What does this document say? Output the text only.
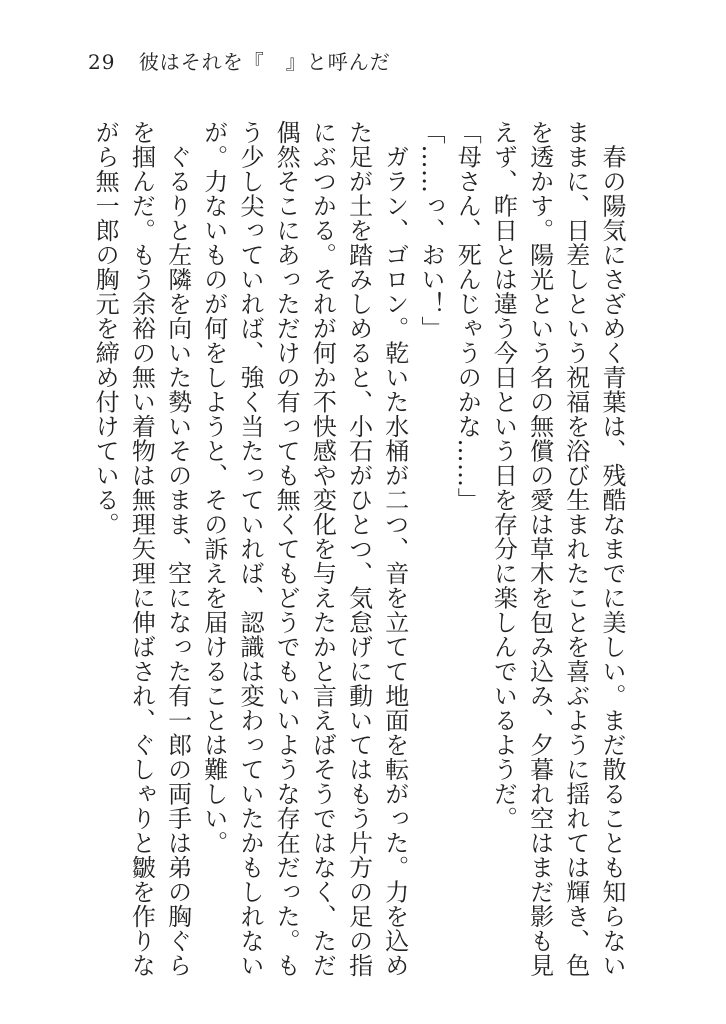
29 彼はそれを『　』と呼んだ

　春の陽気にさざめく青葉は、残酷なまでに美しい。まだ散ることも知らないままに、日差しという祝福を浴び生まれたことを喜ぶように揺れては輝き、色を透かす。陽光という名の無償の愛は草木を包み込み、夕暮れ空はまだ影も見えず、昨日とは違う今日という日を存分に楽しんでいるようだ。

「母さん、死んじゃうのかな……」

「……っ、おい！」

　ガラン、ゴロン。乾いた水桶が二つ、音を立てて地面を転がった。力を込めた足が土を踏みしめると、小石がひとつ、気怠げに動いてはもう片方の足の指にぶつかる。それが何か不快感や変化を与えたかと言えばそうではなく、ただ偶然そこにあっただけの有っても無くてもどうでもいいような存在だった。もう少し尖っていれば、強く当たっていれば、認識は変わっていたかもしれないが。力ないものが何をしようと、その訴えを届けることは難しい。

　ぐるりと左隣を向いた勢いそのまま、空になった有一郎の両手は弟の胸ぐらを掴んだ。もう余裕の無い着物は無理矢理に伸ばされ、ぐしゃりと皺を作りながら無一郎の胸元を締め付けている。
